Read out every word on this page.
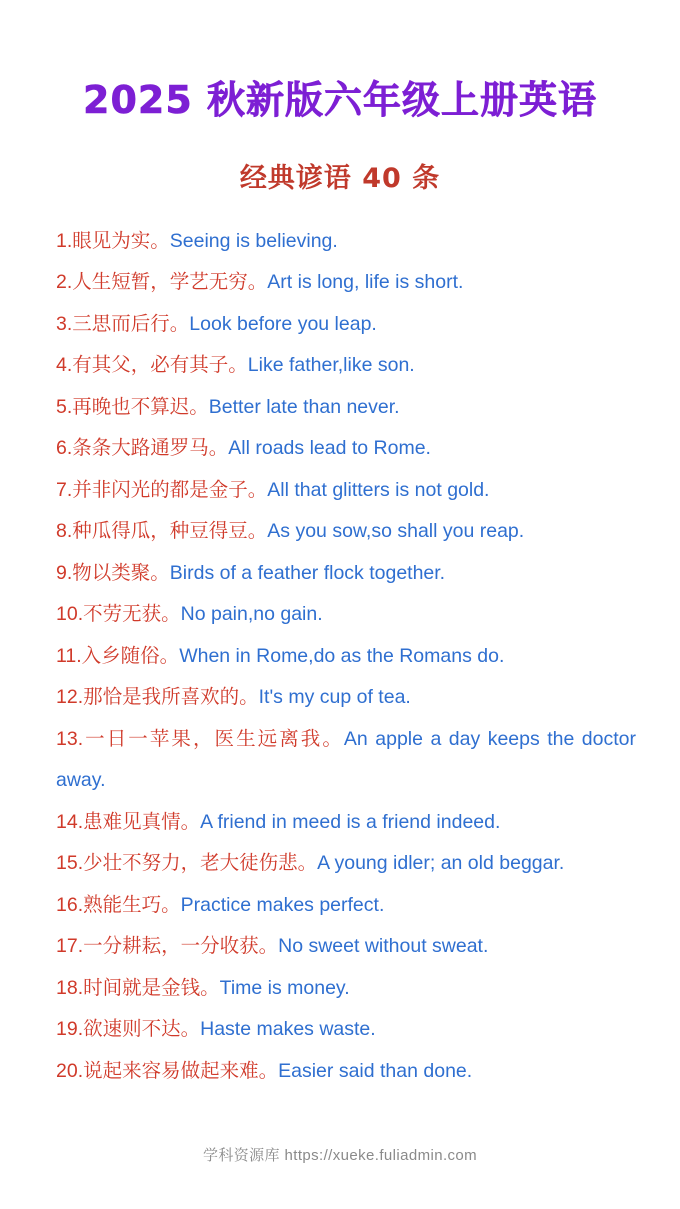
2025 秋新版六年级上册英语
经典谚语 40 条
1.眼见为实。Seeing is believing.
2.人生短暂，学艺无穷。Art is long, life is short.
3.三思而后行。Look before you leap.
4.有其父，必有其子。Like father,like son.
5.再晚也不算迟。Better late than never.
6.条条大路通罗马。All roads lead to Rome.
7.并非闪光的都是金子。All that glitters is not gold.
8.种瓜得瓜，种豆得豆。As you sow,so shall you reap.
9.物以类聚。Birds of a feather flock together.
10.不劳无获。No pain,no gain.
11.入乡随俗。When in Rome,do as the Romans do.
12.那恰是我所喜欢的。It's my cup of tea.
13.一日一苹果，医生远离我。An apple a day keeps the doctor away.
14.患难见真情。A friend in meed is a friend indeed.
15.少壮不努力，老大徒伤悲。A young idler; an old beggar.
16.熟能生巧。Practice makes perfect.
17.一分耕耘，一分收获。No sweet without sweat.
18.时间就是金钱。Time is money.
19.欲速则不达。Haste makes waste.
20.说起来容易做起来难。Easier said than done.
学科资源库 https://xueke.fuliadmin.com
